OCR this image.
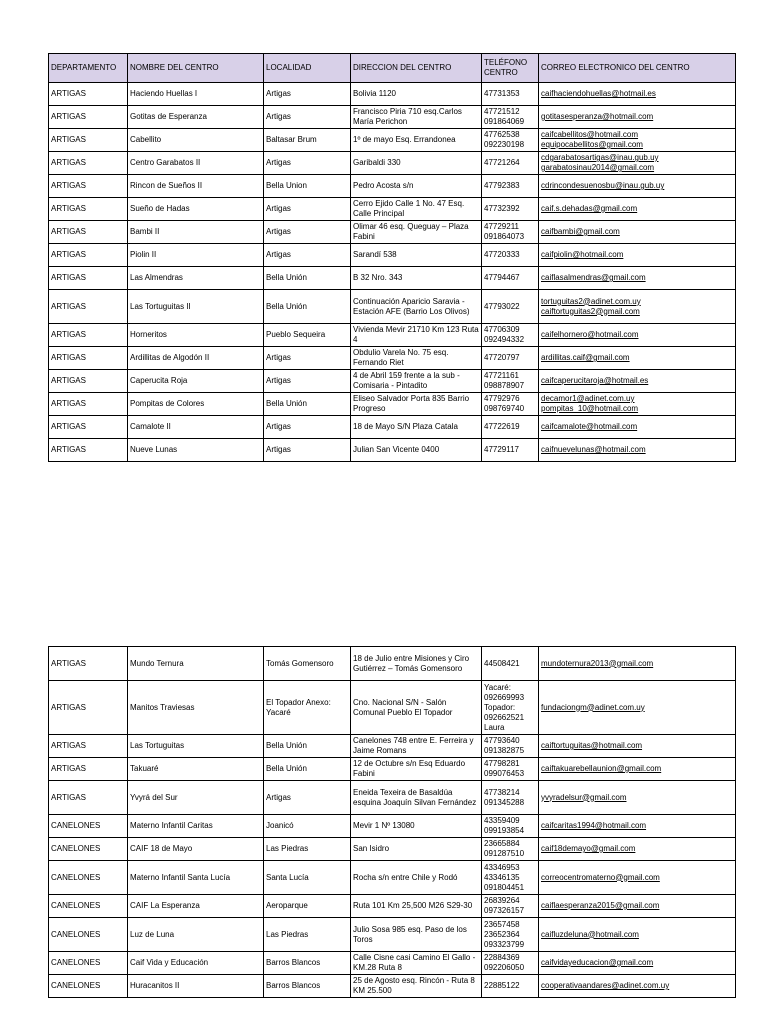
DEPARTAMENTO	NOMBRE DEL CENTRO	LOCALIDAD	DIRECCION DEL CENTRO	TELÉFONO CENTRO	CORREO ELECTRONICO DEL CENTRO
ARTIGAS	Haciendo Huellas I	Artigas	Bolivia 1120	47731353	caifhaciendohuellas@hotmail.es
ARTIGAS	Gotitas de Esperanza	Artigas	Francisco Piria 710 esq.Carlos María Perichon	47721512 091864069	gotitasesperanza@hotmail.com
ARTIGAS	Cabellito	Baltasar Brum	1º de mayo Esq. Errandonea	47762538 092230198	caifcabellitos@hotmail.com equipocabellitos@gmail.com
ARTIGAS	Centro Garabatos II	Artigas	Garibaldi 330	47721264	cdgarabatosartigas@inau.gub.uy garabatosinau2014@gmail.com
ARTIGAS	Rincon de Sueños II	Bella Union	Pedro Acosta s/n	47792383	cdrincondesuenosbu@inau.gub.uy
ARTIGAS	Sueño de Hadas	Artigas	Cerro Ejido Calle 1 No. 47 Esq. Calle Principal	47732392	caif.s.dehadas@gmail.com
ARTIGAS	Bambi II	Artigas	Olimar 46 esq. Queguay – Plaza Fabini	47729211 091864073	caifbambi@gmail.com
ARTIGAS	Piolin II	Artigas	Sarandí 538	47720333	caifpiolin@hotmail.com
ARTIGAS	Las Almendras	Bella Unión	B 32 Nro. 343	47794467	caiflasalmendras@gmail.com
ARTIGAS	Las Tortuguitas II	Bella Unión	Continuación Aparicio Saravia - Estación AFE (Barrio Los Olivos)	47793022	tortuguitas2@adinet.com.uy caiftortuguitas2@gmail.com
ARTIGAS	Horneritos	Pueblo Sequeira	Vivienda Mevir 21710 Km 123 Ruta 4	47706309 092494332	caifelhornero@hotmail.com
ARTIGAS	Ardillitas de Algodón II	Artigas	Obdulio Varela No. 75 esq. Fernando Riet	47720797	ardillitas.caif@gmail.com
ARTIGAS	Caperucita Roja	Artigas	4 de Abril 159 frente a la sub - Comisaria - Pintadito	47721161 098878907	caifcaperucitaroja@hotmail.es
ARTIGAS	Pompitas de Colores	Bella Unión	Eliseo Salvador Porta 835 Barrio Progreso	47792976 098769740	decamor1@adinet.com.uy pompitas_10@hotmail.com
ARTIGAS	Camalote II	Artigas	18 de Mayo S/N Plaza Catala	47722619	caifcamalote@hotmail.com
ARTIGAS	Nueve Lunas	Artigas	Julian San Vicente 0400	47729117	caifnuevelunas@hotmail.com
ARTIGAS	Mundo Ternura	Tomás Gomensoro	18 de Julio entre Misiones y Ciro Gutiérrez – Tomás Gomensoro	44508421	mundoternura2013@gmail.com
ARTIGAS	Manitos Traviesas	El Topador Anexo: Yacaré	Cno. Nacional S/N - Salón Comunal Pueblo El Topador	Yacaré: 092669993 Topador: 092662521 Laura	fundaciongm@adinet.com.uy
ARTIGAS	Las Tortuguitas	Bella Unión	Canelones 748 entre E. Ferreira y Jaime Romans	47793640 091382875	caiftortuguitas@hotmail.com
ARTIGAS	Takuaré	Bella Unión	12 de Octubre s/n Esq Eduardo Fabini	47798281 099076453	caiftakuarebellaunion@gmail.com
ARTIGAS	Yvyrá del Sur	Artigas	Eneida Texeira de Basaldúa esquina Joaquín Silvan Fernández	47738214 091345288	yvyradelsur@gmail.com
CANELONES	Materno Infantil Caritas	Joanicó	Mevir 1 Nº 13080	43359409 099193854	caifcaritas1994@hotmail.com
CANELONES	CAIF 18 de Mayo	Las Piedras	San Isidro	23665884 091287510	caif18demayo@gmail.com
CANELONES	Materno Infantil Santa Lucía	Santa Lucía	Rocha s/n entre Chile y Rodó	43346953 43346135 091804451	correocentromaterno@gmail.com
CANELONES	CAIF La Esperanza	Aeroparque	Ruta 101 Km 25,500 M26 S29-30	26839264 097326157	caiflaesperanza2015@gmail.com
CANELONES	Luz de Luna	Las Piedras	Julio Sosa 985 esq. Paso de los Toros	23657458 23652364 093323799	caifluzdeluna@hotmail.com
CANELONES	Caif Vida y Educación	Barros Blancos	Calle Cisne casi Camino El Gallo - KM.28 Ruta 8	22884369 092206050	caifvidayeducacion@gmail.com
CANELONES	Huracanitos II	Barros Blancos	25 de Agosto esq. Rincón - Ruta 8 KM 25.500	22885122	cooperativaandares@adinet.com.uy
